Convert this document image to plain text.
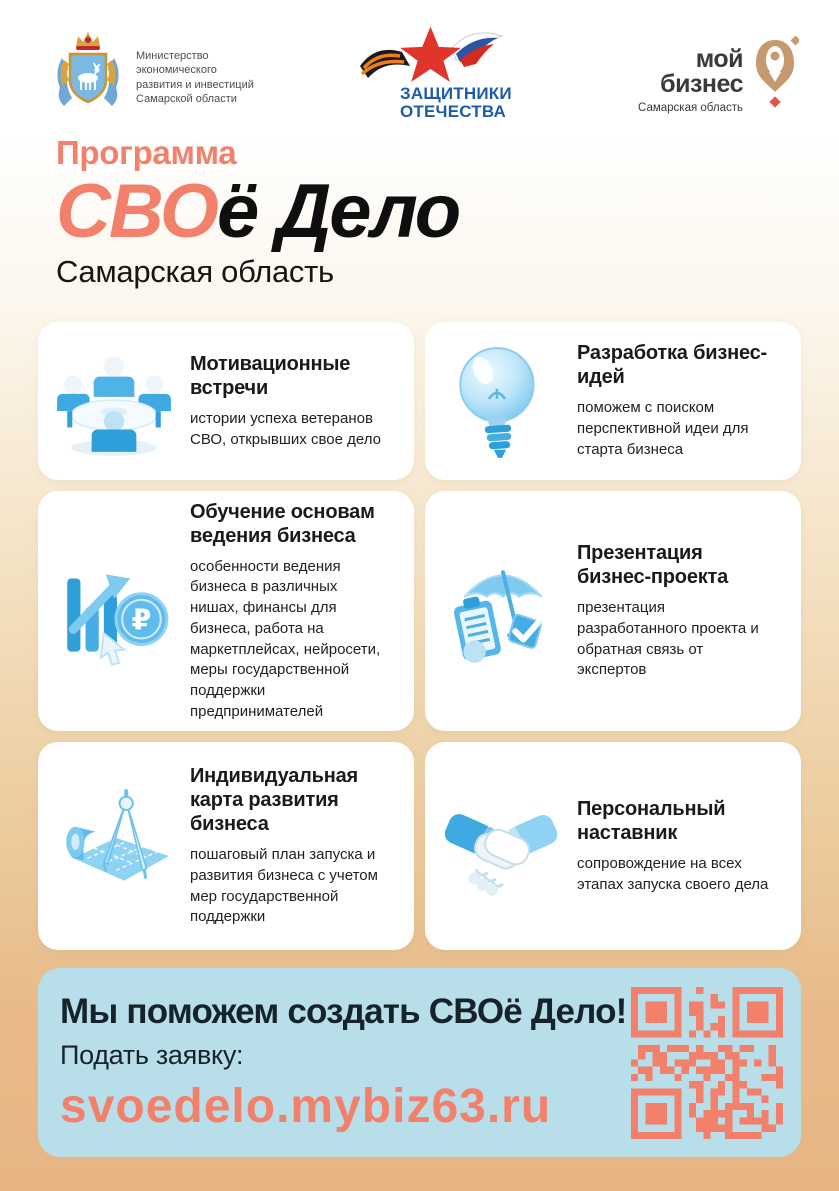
Министерство
экономического
развития и инвестиций
Самарской области	ЗАЩИТНИКИ
ОТЕЧЕСТВА
мой
бизнес
Самарская область
Программа
СВОё Дело
Самарская область
Мотивационные встречи
истории успеха ветеранов СВО, открывших свое дело
Разработка бизнес-идей
поможем с поиском перспективной идеи для старта бизнеса
₽
Обучение основам ведения бизнеса
особенности ведения бизнеса в различных нишах, финансы для бизнеса, работа на маркетплейсах, нейросети, меры государственной поддержки предпринимателей
Презентация бизнес-проекта
презентация разработанного проекта и обратная связь от экспертов
Индивидуальная карта развития бизнеса
пошаговый план запуска и развития бизнеса с учетом мер государственной поддержки
Персональный наставник
сопровождение на всех этапах запуска своего дела
Мы поможем создать СВОё Дело!
Подать заявку:
svoedelo.mybiz63.ru
